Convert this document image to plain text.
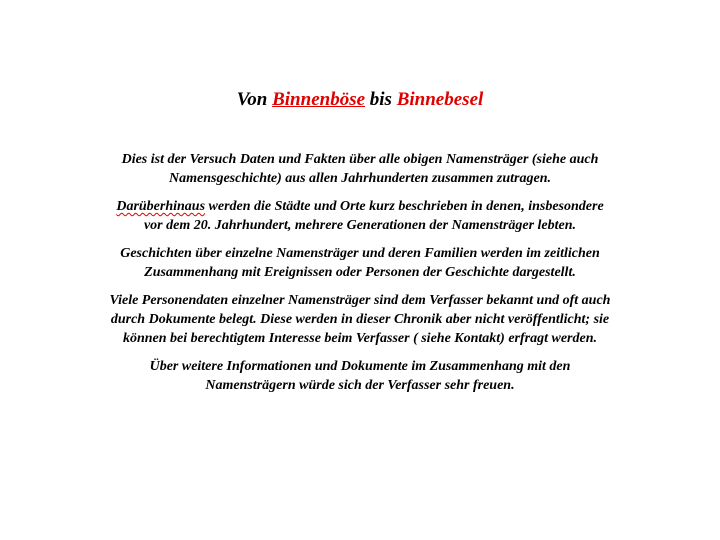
Von Binnenböse bis Binnebesel

Dies ist der Versuch Daten und Fakten über alle obigen Namensträger (siehe auch
Namensgeschichte) aus allen Jahrhunderten zusammen zutragen.

Darüberhinaus werden die Städte und Orte kurz beschrieben in denen, insbesondere
vor dem 20. Jahrhundert, mehrere Generationen der Namensträger lebten.

Geschichten über einzelne Namensträger und deren Familien werden im zeitlichen
Zusammenhang mit Ereignissen oder Personen der Geschichte dargestellt.

Viele Personendaten einzelner Namensträger sind dem Verfasser bekannt und oft auch
durch Dokumente belegt. Diese werden in dieser Chronik aber nicht veröffentlicht; sie
können bei berechtigtem Interesse beim Verfasser ( siehe Kontakt) erfragt werden.

Über weitere Informationen und Dokumente im Zusammenhang mit den
Namensträgern würde sich der Verfasser sehr freuen.
